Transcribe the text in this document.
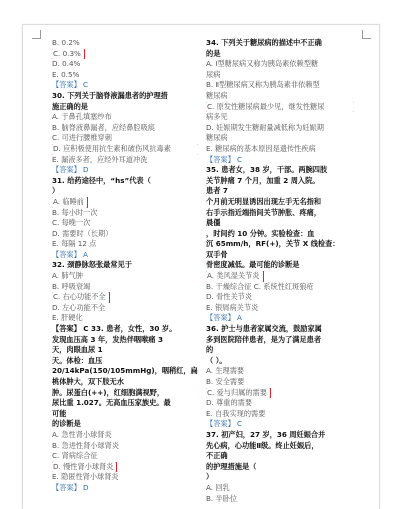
B. 0.2%
C. 0.3%
D. 0.4%
E. 0.5%
【答案】 C
30. 下列关于脑脊液漏患者的护理措
施正确的是
A. 于鼻孔填塞纱布
B. 脑脊液鼻漏者，应经鼻腔吸痰
C. 可进行腰椎穿刺
D. 应积极使用抗生素和破伤风抗毒素
E. 漏液多者，应经外耳道冲洗
【答案】 D
31. 给药途径中，“hs”代表（
）
A. 临睡前
B. 每小时一次
C. 每晚一次
D. 需要时（长期）
E. 每隔 12 点
【答案】 A
32. 颈静脉怒张最常见于
A. 肺气肿
B. 呼吸衰竭
C. 右心功能不全
D. 左心功能不全
E. 肝硬化
【答案】 C 33. 患者，女性，30 岁。
发现血压高 3 年，发热伴咽喉痛 3
天，肉眼血尿 1
天。体检：血压
20/14kPa(150/105mmHg)，咽稍红，扁
桃体肿大，双下肢无水
肿。尿蛋白(++)，红细胞满视野，
尿比重 1.027。无高血压家族史。最
可能
的诊断是
A. 急性肾小球肾炎
B. 急进性肾小球肾炎
C. 肾病综合征
D. 慢性肾小球肾炎
E. 隐匿性肾小球肾炎
【答案】 D
34. 下列关于糖尿病的描述中不正确
的是
A. Ⅰ型糖尿病又称为胰岛素依赖型糖
尿病
B. Ⅱ型糖尿病又称为胰岛素非依赖型
糖尿病
C. 原发性糖尿病最少见，继发性糖尿
病多见
D. 妊娠期发生糖耐量减低称为妊娠期
糖尿病
E. 糖尿病的基本原因是遗传性疾病
【答案】 C
35. 患者女，38 岁，干部。两腕四肢
关节肿痛 7 个月，加重 2 周入院。
患者 7
个月前无明显诱因出现左手无名指和
右手示指近端指间关节肿胀、疼痛，
晨僵
，时间约 10 分钟。实验检查：血
沉 65mm/h，RF(+)，关节 X 线检查：
双手骨
骨密度减低。最可能的诊断是
A. 类风湿关节炎
B. 干燥综合征 C. 系统性红斑狼疮
D. 骨性关节炎
E. 银屑病关节炎
【答案】 A
36. 护士与患者家属交流，鼓励家属
多到医院陪伴患者，是为了满足患者
的
（ ）。
A. 生理需要
B. 安全需要
C. 爱与归属的需要
D. 尊重的需要
E. 自我实现的需要
【答案】 C
37. 初产妇，27 岁，36 周妊娠合并
先心病，心功能Ⅱ级。终止妊娠后，
不正确
的护理措施是（
）
A. 回乳
B. 半卧位
